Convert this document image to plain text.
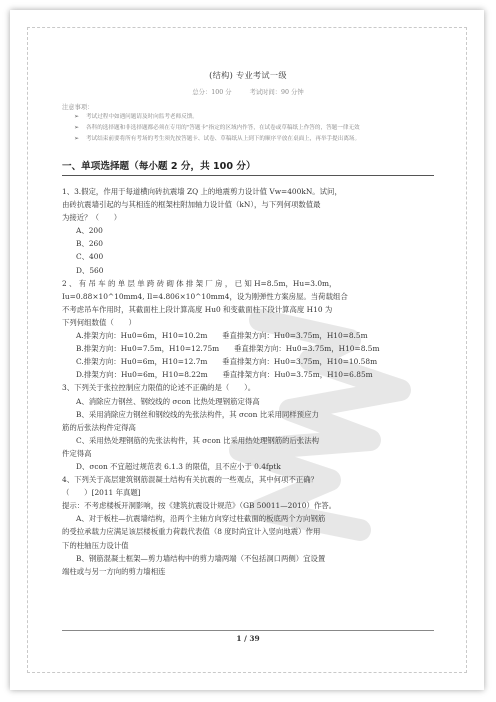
(结构) 专业考试一级
总分：100 分	考试时间：90 分钟
注意事项：
➢ 考试过程中如遇问题请及时向监考老师反馈。
➢ 各科的选择题和非选择题都必须在专用的"答题卡"指定的区域内作答，在试卷或草稿纸上作答的，答题一律无效
➢ 考试结束前要将所有考场的考生须先按答题卡、试卷、草稿纸从上到下的顺序平放在桌面上，再举手提出离场。
一、单项选择题（每小题 2 分，共 100 分）

1、3.假定，作用于每道横向砖抗震墙 ZQ 上的地震剪力设计值 Vw=400kN。试问，

由砖抗震墙引起的与其相连的框架柱附加轴力设计值（kN），与下列何项数值最

为接近？（　　）

A、200

B、260

C、400

D、560

2 、 有 吊 车 的 单 层 单 跨 砖 砌 体 排 架 厂 房 ， 已 知 H=8.5m，Hu=3.0m，

Iu=0.88×10^10mm4, Il=4.806×10^10mm4，设为刚弹性方案房屋。当荷载组合

不考虑吊车作用时，其截面柱上段计算高度 Hu0 和变截面柱下段计算高度 H10 为

下列何组数值（　　）

A.排架方向：Hu0=6m，H10=10.2m　　垂直排架方向：Hu0=3.75m，H10=8.5m

B.排架方向：Hu0=7.5m，H10=12.75m　　垂直排架方向：Hu0=3.75m，H10=8.5m

C.排架方向：Hu0=6m，H10=12.7m　　垂直排架方向：Hu0=3.75m，H10=10.58m

D.排架方向：Hu0=6m，H10=8.22m　　垂直排架方向：Hu0=3.75m，H10=6.85m

3、下列关于张拉控制应力限值的论述不正确的是（　　）。

A、消除应力钢丝、钢绞线的 σcon 比热处理钢筋定得高

B、采用消除应力钢丝和钢绞线的先张法构件，其 σcon 比采用同样预应力

筋的后张法构件定得高

C、采用热处理钢筋的先张法构件，其 σcon 比采用热处理钢筋的后张法构

件定得高

D、σcon 不宜超过规范表 6.1.3 的限值，且不应小于 0.4fptk

4、下列关于高层建筑钢筋混凝土结构有关抗震的一些观点，其中何项不正确？

（　　）[2011 年真题]

提示：不考虑楼板开洞影响，按《建筑抗震设计规范》（GB 50011—2010）作答。

A、对于板柱—抗震墙结构，沿两个主轴方向穿过柱截面的板底两个方向钢筋

的受拉承载力应满足该层楼板重力荷载代表值（8 度时尚宜计入竖向地震）作用

下的柱轴压力设计值

B、钢筋混凝土框架—剪力墙结构中的剪力墙两端（不包括洞口两侧）宜设置

端柱或与另一方向的剪力墙相连

1 / 39
